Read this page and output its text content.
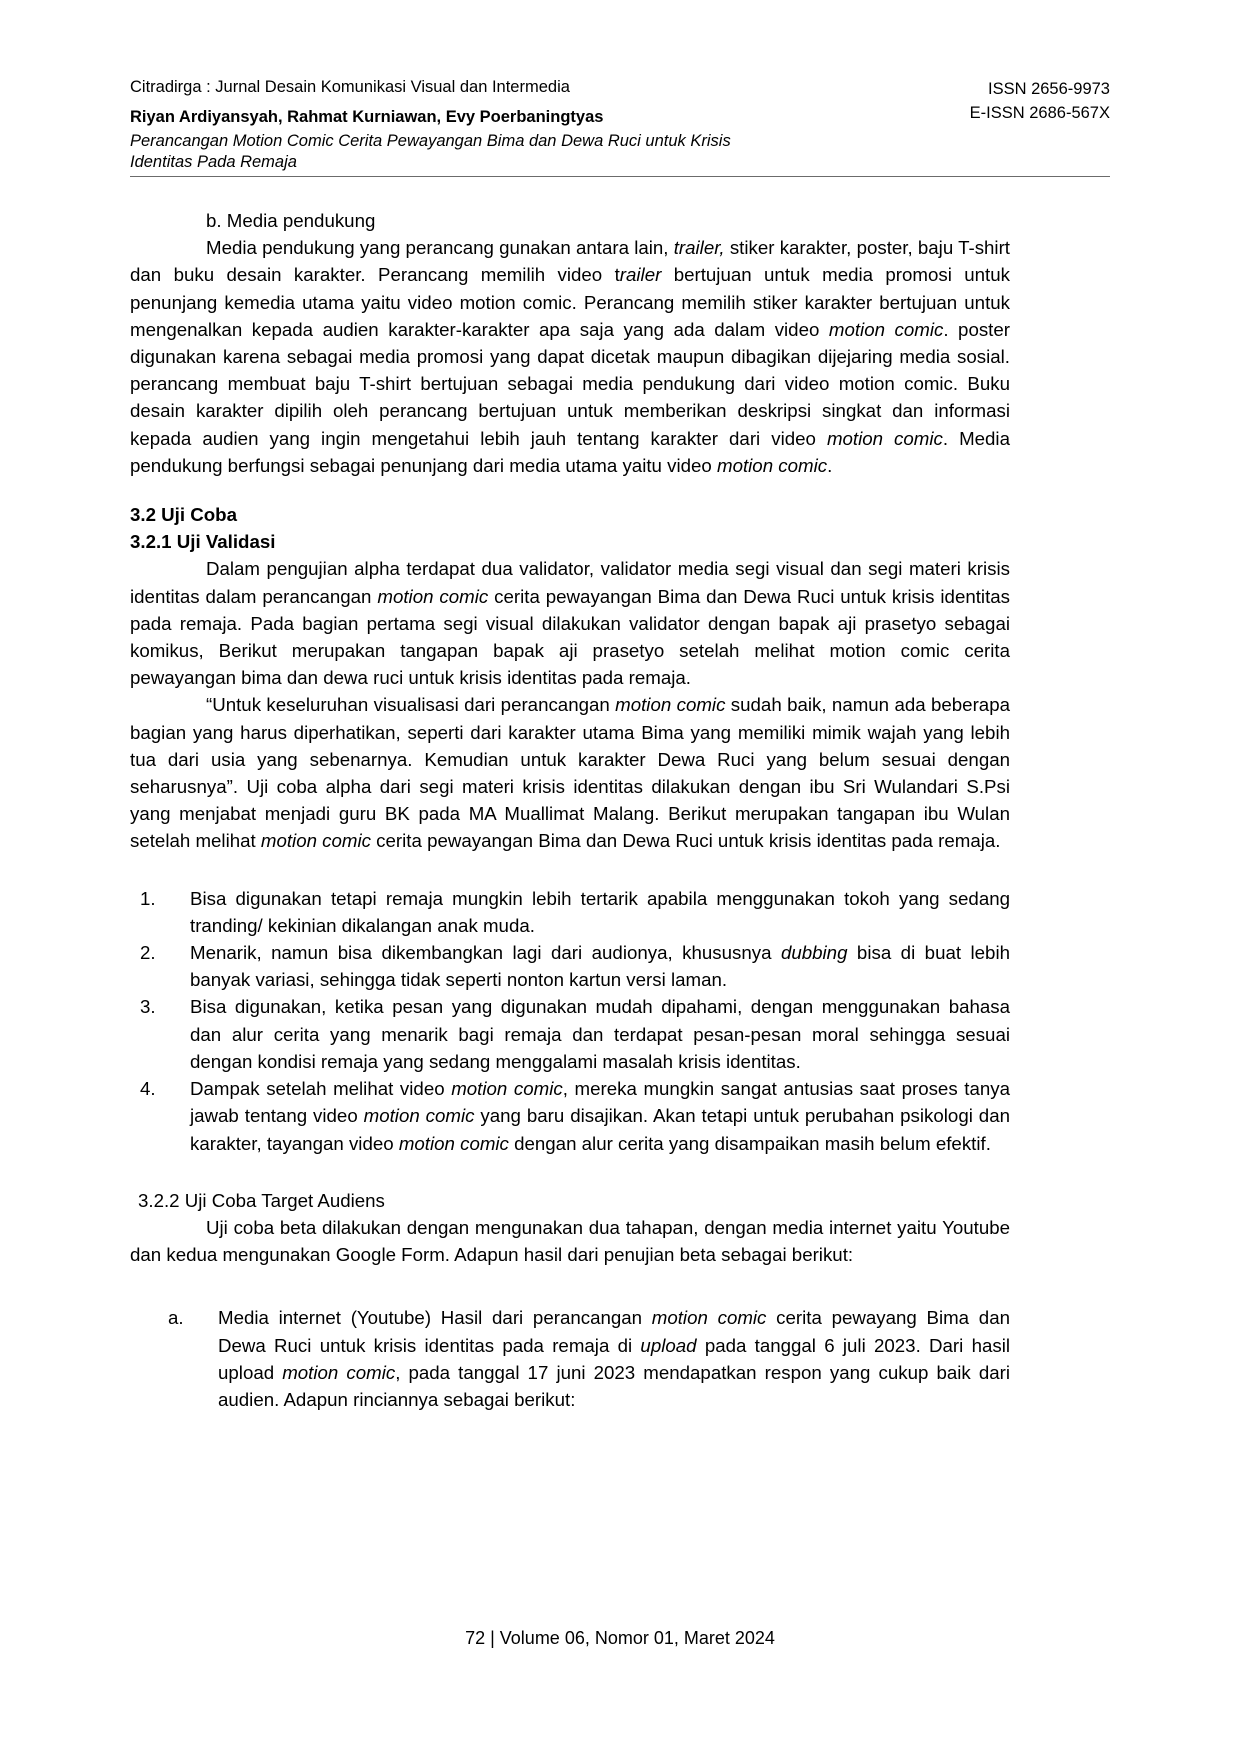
Citradirga : Jurnal Desain Komunikasi Visual dan Intermedia
Riyan Ardiyansyah, Rahmat Kurniawan, Evy Poerbaningtyas
Perancangan Motion Comic Cerita Pewayangan Bima dan Dewa Ruci untuk Krisis Identitas Pada Remaja
ISSN 2656-9973
E-ISSN 2686-567X

b. Media pendukung

Media pendukung yang perancang gunakan antara lain, trailer, stiker karakter, poster, baju T-shirt dan buku desain karakter. Perancang memilih video trailer bertujuan untuk media promosi untuk penunjang kemedia utama yaitu video motion comic. Perancang memilih stiker karakter bertujuan untuk mengenalkan kepada audien karakter-karakter apa saja yang ada dalam video motion comic. poster digunakan karena sebagai media promosi yang dapat dicetak maupun dibagikan dijejaring media sosial. perancang membuat baju T-shirt bertujuan sebagai media pendukung dari video motion comic. Buku desain karakter dipilih oleh perancang bertujuan untuk memberikan deskripsi singkat dan informasi kepada audien yang ingin mengetahui lebih jauh tentang karakter dari video motion comic. Media pendukung berfungsi sebagai penunjang dari media utama yaitu video motion comic.

3.2 Uji Coba

3.2.1 Uji Validasi

Dalam pengujian alpha terdapat dua validator, validator media segi visual dan segi materi krisis identitas dalam perancangan motion comic cerita pewayangan Bima dan Dewa Ruci untuk krisis identitas pada remaja. Pada bagian pertama segi visual dilakukan validator dengan bapak aji prasetyo sebagai komikus, Berikut merupakan tangapan bapak aji prasetyo setelah melihat motion comic cerita pewayangan bima dan dewa ruci untuk krisis identitas pada remaja.

“Untuk keseluruhan visualisasi dari perancangan motion comic sudah baik, namun ada beberapa bagian yang harus diperhatikan, seperti dari karakter utama Bima yang memiliki mimik wajah yang lebih tua dari usia yang sebenarnya. Kemudian untuk karakter Dewa Ruci yang belum sesuai dengan seharusnya”. Uji coba alpha dari segi materi krisis identitas dilakukan dengan ibu Sri Wulandari S.Psi yang menjabat menjadi guru BK pada MA Muallimat Malang. Berikut merupakan tangapan ibu Wulan setelah melihat motion comic cerita pewayangan Bima dan Dewa Ruci untuk krisis identitas pada remaja.

1.	Bisa digunakan tetapi remaja mungkin lebih tertarik apabila menggunakan tokoh yang sedang tranding/ kekinian dikalangan anak muda.
2.	Menarik, namun bisa dikembangkan lagi dari audionya, khususnya dubbing bisa di buat lebih banyak variasi, sehingga tidak seperti nonton kartun versi laman.
3.	Bisa digunakan, ketika pesan yang digunakan mudah dipahami, dengan menggunakan bahasa dan alur cerita yang menarik bagi remaja dan terdapat pesan-pesan moral sehingga sesuai dengan kondisi remaja yang sedang menggalami masalah krisis identitas.
4.	Dampak setelah melihat video motion comic, mereka mungkin sangat antusias saat proses tanya jawab tentang video motion comic yang baru disajikan. Akan tetapi untuk perubahan psikologi dan karakter, tayangan video motion comic dengan alur cerita yang disampaikan masih belum efektif.

3.2.2 Uji Coba Target Audiens

Uji coba beta dilakukan dengan mengunakan dua tahapan, dengan media internet yaitu Youtube dan kedua mengunakan Google Form. Adapun hasil dari penujian beta sebagai berikut:

a.	Media internet (Youtube) Hasil dari perancangan motion comic cerita pewayang Bima dan Dewa Ruci untuk krisis identitas pada remaja di upload pada tanggal 6 juli 2023. Dari hasil upload motion comic, pada tanggal 17 juni 2023 mendapatkan respon yang cukup baik dari audien. Adapun rinciannya sebagai berikut:
72 | Volume 06, Nomor 01, Maret 2024
